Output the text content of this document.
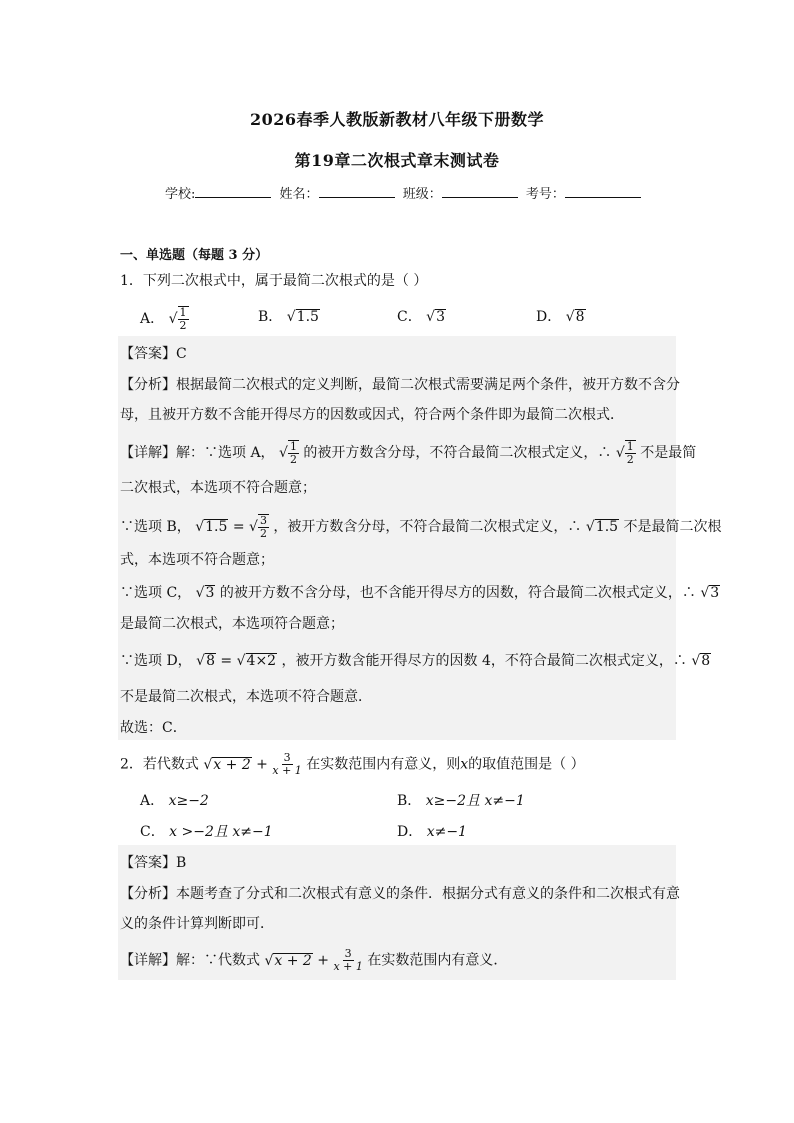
2026春季人教版新教材八年级下册数学
第19章二次根式章末测试卷
学校:	姓名：	班级：	考号：
一、单选题（每题 3 分）
1．下列二次根式中，属于最简二次根式的是（ ）
A． √ $\frac{1}{2}$	B． √1.5	C． √3	D． √8
【答案】C
【分析】根据最简二次根式的定义判断，最简二次根式需要满足两个条件，被开方数不含分
母，且被开方数不含能开得尽方的因数或因式，符合两个条件即为最简二次根式．
【详解】解：∵选项 A， √ $\frac{1}{2}$ 的被开方数含分母，不符合最简二次根式定义，∴ √ $\frac{1}{2}$ 不是最简
二次根式，本选项不符合题意；
∵选项 B， √1.5 = √ $\frac{3}{2}$ ，被开方数含分母，不符合最简二次根式定义，∴ √1.5 不是最简二次根
式，本选项不符合题意；
∵选项 C， √3 的被开方数不含分母，也不含能开得尽方的因数，符合最简二次根式定义，∴ √3
是最简二次根式，本选项符合题意；
∵选项 D， √8 = √4×2 ，被开方数含能开得尽方的因数 4，不符合最简二次根式定义，∴ √8
不是最简二次根式，本选项不符合题意．
故选：C．
2．若代数式 $√x + 2 + \frac{3}{x + 1}$ 在实数范围内有意义，则x的取值范围是（ ）
A． x≥−2	B． x≥−2且 x≠−1
C． x >−2且 x≠−1	D． x≠−1
【答案】B
【分析】本题考查了分式和二次根式有意义的条件．根据分式有意义的条件和二次根式有意
义的条件计算判断即可．
【详解】解：∵代数式 $√x + 2 + \frac{3}{x + 1}$ 在实数范围内有意义．
